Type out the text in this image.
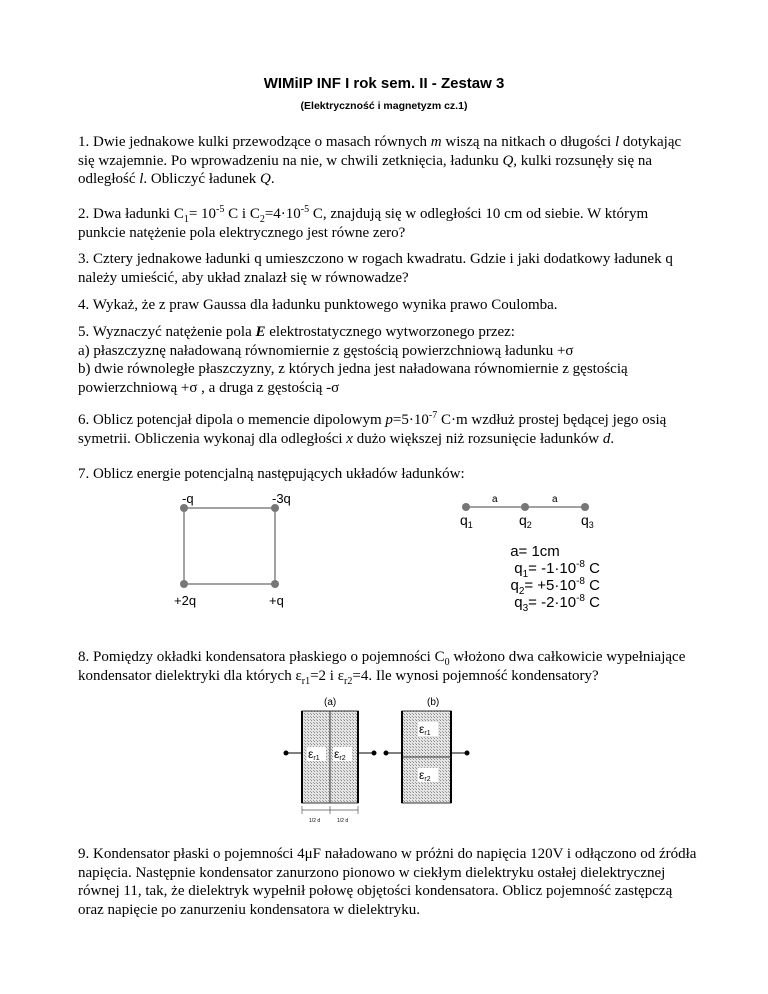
WIMiIP INF I rok sem. II - Zestaw 3
(Elektryczność i magnetyzm cz.1)
1. Dwie jednakowe kulki przewodzące o masach równych m wiszą na nitkach o długości l dotykając się wzajemnie. Po wprowadzeniu na nie, w chwili zetknięcia, ładunku Q, kulki rozsunęły się na odległość l. Obliczyć ładunek Q.
2. Dwa ładunki $C_1= 10^{-5}$ C i $C_2=4\cdot 10^{-5}$ C, znajdują się w odległości 10 cm od siebie. W którym punkcie natężenie pola elektrycznego jest równe zero?
3. Cztery jednakowe ładunki q umieszczono w rogach kwadratu. Gdzie i jaki dodatkowy ładunek q należy umieścić, aby układ znalazł się w równowadze?
4. Wykaż, że z praw Gaussa dla ładunku punktowego wynika prawo Coulomba.
5. Wyznaczyć natężenie pola E elektrostatycznego wytworzonego przez:
a) płaszczyznę naładowaną równomiernie z gęstością powierzchniową ładunku +σ
b) dwie równoległe płaszczyzny, z których jedna jest naładowana równomiernie z gęstością powierzchniową +σ , a druga z gęstością -σ
6. Oblicz potencjał dipola o memencie dipolowym $p=5\cdot 10^{-7}$ C·m wzdłuż prostej będącej jego osią symetrii. Obliczenia wykonaj dla odległości x dużo większej niż rozsunięcie ładunków d.
7. Oblicz energie potencjalną następujących układów ładunków:
-q	-3q
+2q	+q
a	a
$q_1$	$q_2$	$q_3$
a= 1cm
$q_1= -1\cdot 10^{-8}$ C
$q_2= +5\cdot 10^{-8}$ C
$q_3= -2\cdot 10^{-8}$ C
8. Pomiędzy okładki kondensatora płaskiego o pojemności $C_0$ włożono dwa całkowicie wypełniające kondensator dielektryki dla których $\varepsilon_{r1}=2$ i $\varepsilon_{r2}=4$. Ile wynosi pojemność kondensatory?
(a)	(b)
εr1 εr2
1/2 d	1/2 d
εr1
εr2
9. Kondensator płaski o pojemności 4μF naładowano w próżni do napięcia 120V i odłączono od źródła napięcia. Następnie kondensator zanurzono pionowo w ciekłym dielektryku ostałej dielektrycznej równej 11, tak, że dielektryk wypełnił połowę objętości kondensatora. Oblicz pojemność zastępczą oraz napięcie po zanurzeniu kondensatora w dielektryku.
